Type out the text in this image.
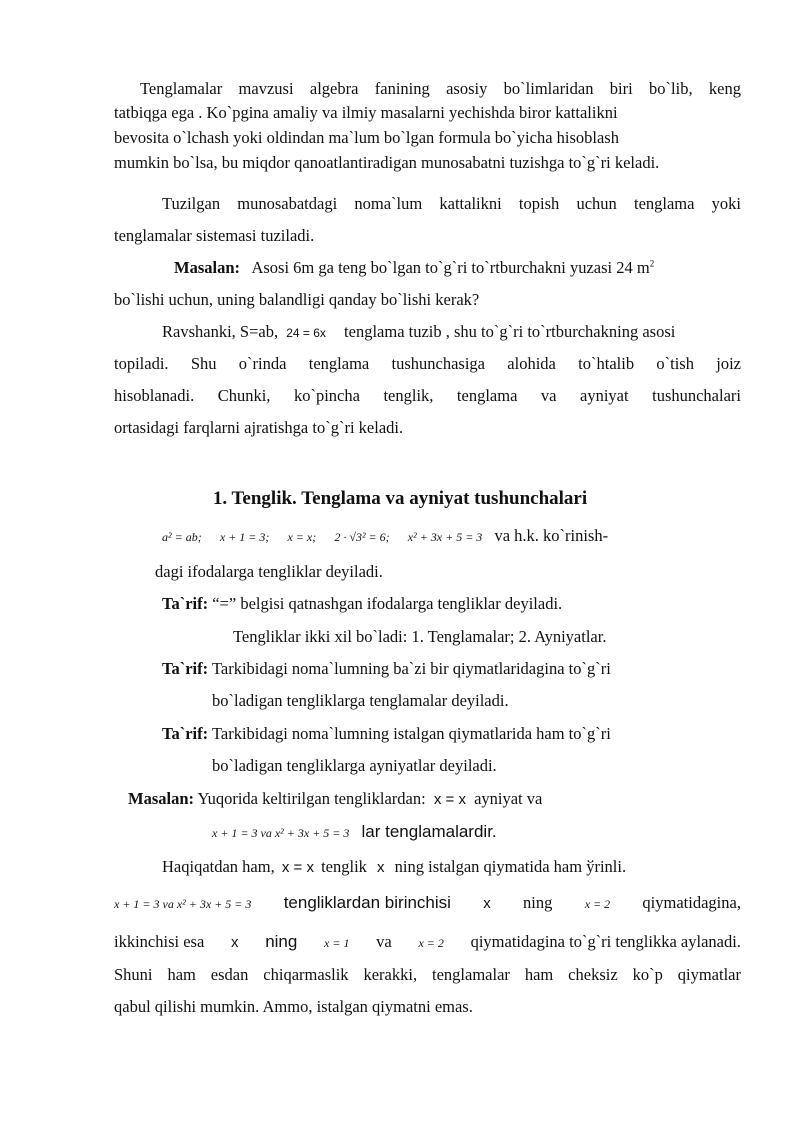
Tenglamalar mavzusi algebra fanining asosiy bo`limlaridan biri bo`lib, keng
tatbiqga ega . Ko`pgina amaliy va ilmiy masalarni yechishda biror kattalikni
bevosita o`lchash yoki oldindan ma`lum bo`lgan formula bo`yicha hisoblash
mumkin bo`lsa, bu miqdor qanoatlantiradigan munosabatni tuzishga to`g`ri keladi.
Tuzilgan munosabatdagi noma`lum kattalikni topish uchun tenglama yoki
tenglamalar sistemasi tuziladi.
Masalan: Asosi 6m ga teng bo`lgan to`g`ri to`rtburchakni yuzasi 24 $m^2$
bo`lishi uchun, uning balandligi qanday bo`lishi kerak?
Ravshanki, S=ab, 24 = 6x tenglama tuzib , shu to`g`ri to`rtburchakning asosi
topiladi. Shu o`rinda tenglama tushunchasiga alohida to`htalib o`tish joiz
hisoblanadi. Chunki, ko`pincha tenglik, tenglama va ayniyat tushunchalari
ortasidagi farqlarni ajratishga to`g`ri keladi.
1. Tenglik. Tenglama va ayniyat tushunchalari
a² = ab; x + 1 = 3; x = x; 2 · √3² = 6; x² + 3x + 5 = 3 va h.k. ko`rinish-
dagi ifodalarga tengliklar deyiladi.
Ta`rif: “=” belgisi qatnashgan ifodalarga tengliklar deyiladi.
Tengliklar ikki xil bo`ladi: 1. Tenglamalar; 2. Ayniyatlar.
Ta`rif: Tarkibidagi noma`lumning ba`zi bir qiymatlaridagina to`g`ri
bo`ladigan tengliklarga tenglamalar deyiladi.
Ta`rif: Tarkibidagi noma`lumning istalgan qiymatlarida ham to`g`ri
bo`ladigan tengliklarga ayniyatlar deyiladi.
Masalan: Yuqorida keltirilgan tengliklardan: x = x ayniyat va
x + 1 = 3 va x² + 3x + 5 = 3 lar tenglamalardir.
Haqiqatdan ham, x = x tenglik x ning istalgan qiymatida ham ўrinli.
x + 1 = 3 va x² + 3x + 5 = 3 tengliklardan birinchisi x ning	x = 2 qiymatidagina,
ikkinchisi esa x ning x = 1 va x = 2 qiymatidagina to`g`ri tenglikka aylanadi.
Shuni ham esdan chiqarmaslik kerakki, tenglamalar ham cheksiz ko`p qiymatlar
qabul qilishi mumkin. Ammo, istalgan qiymatni emas.
